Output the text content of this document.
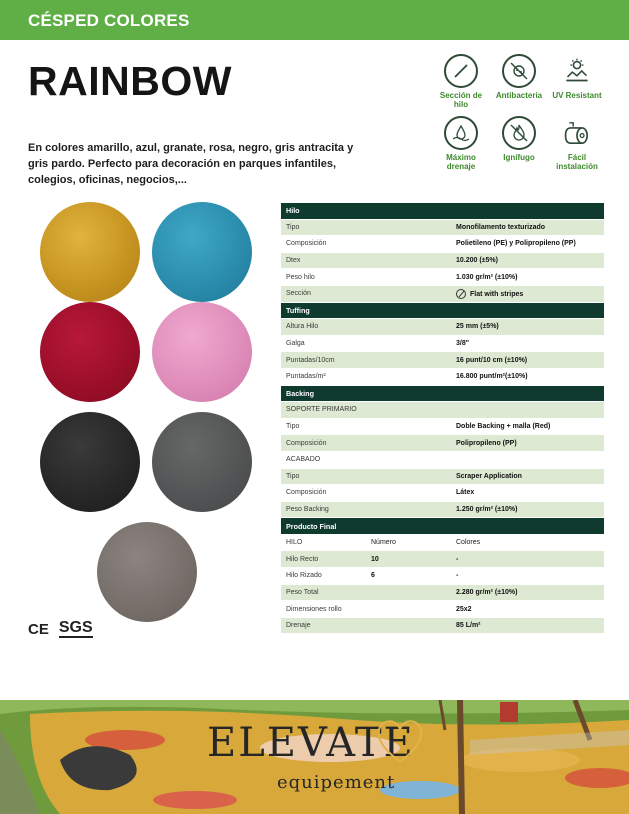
CÉSPED COLORES
RAINBOW
En colores amarillo, azul, granate, rosa, negro, gris antracita y gris pardo. Perfecto para decoración en parques infantiles, colegios, oficinas, negocios,...
Sección de hilo
Antibacteria	UV Resistant
Máximo drenaje
Ignífugo	Fácil instalación
Hilo		
Tipo		Monofilamento texturizado
Composición		Polietileno (PE) y Polipropileno (PP)
Dtex		10.200 (±5%)
Peso hilo		1.030 gr/m² (±10%)
Sección		Flat with stripes
Tuffing		
Altura Hilo		25 mm (±5%)
Galga		3/8"
Puntadas/10cm		16 punt/10 cm (±10%)
Puntadas/m²		16.800 punt/m²(±10%)
Backing		
SOPORTE PRIMARIO		
Tipo		Doble Backing + malla (Red)
Composición		Polipropileno (PP)
ACABADO		
Tipo		Scraper Application
Composición		Látex
Peso Backing		1.250 gr/m² (±10%)
Producto Final		
HILO	Número	Colores
Hilo Recto	10	-
Hilo Rizado	6	-
Peso Total		2.280 gr/m² (±10%)
Dimensiones rollo		25x2
Drenaje		85 L/m²
CE SGS
ELEVATE
equipement
